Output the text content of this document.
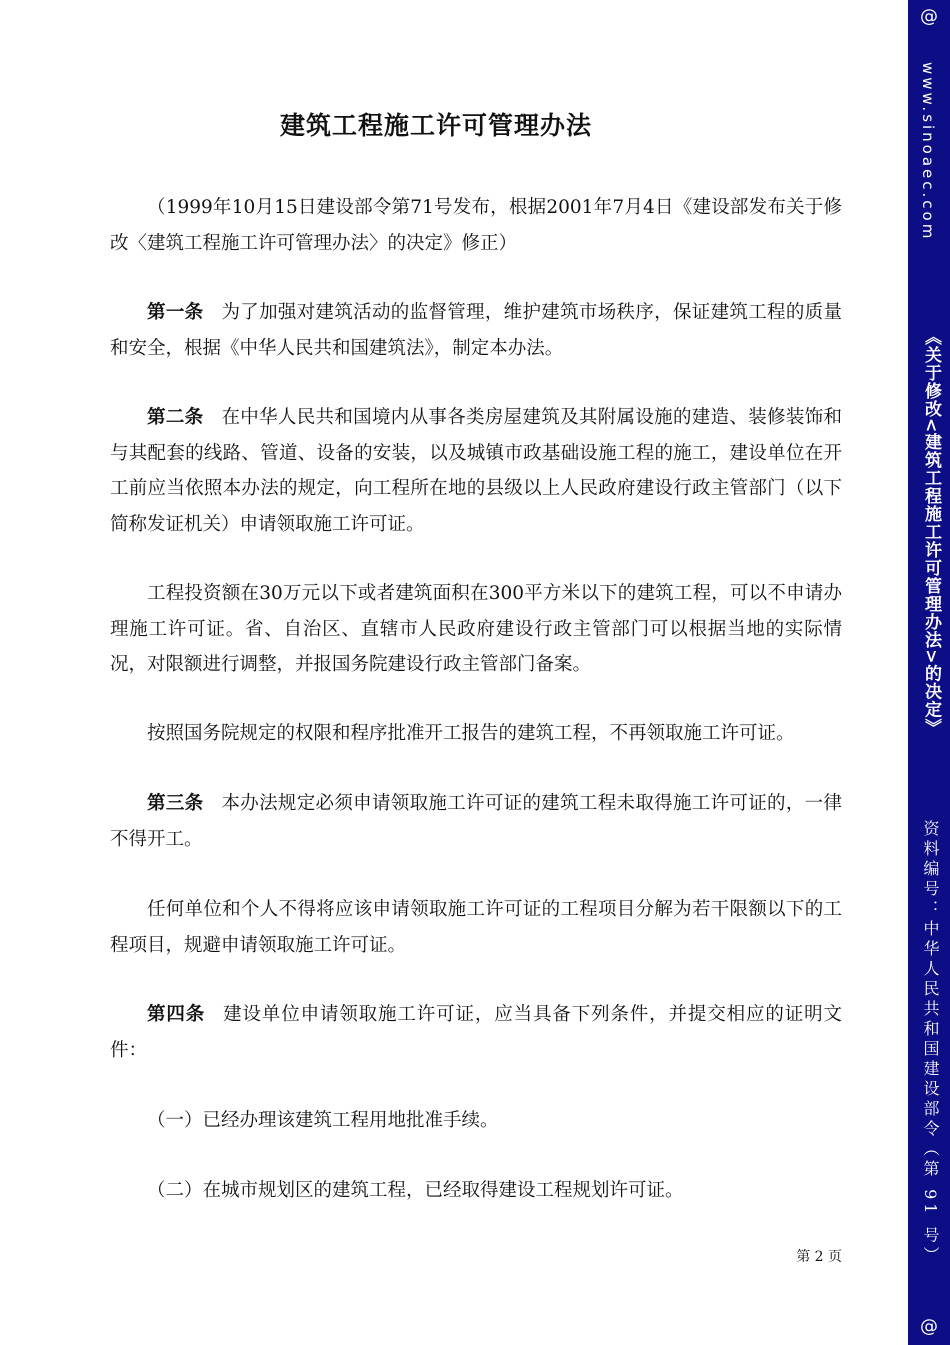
建筑工程施工许可管理办法

（1999年10月15日建设部令第71号发布，根据2001年7月4日《建设部发布关于修改〈建筑工程施工许可管理办法〉的决定》修正）

第一条 为了加强对建筑活动的监督管理，维护建筑市场秩序，保证建筑工程的质量和安全，根据《中华人民共和国建筑法》，制定本办法。

第二条 在中华人民共和国境内从事各类房屋建筑及其附属设施的建造、装修装饰和与其配套的线路、管道、设备的安装，以及城镇市政基础设施工程的施工，建设单位在开工前应当依照本办法的规定，向工程所在地的县级以上人民政府建设行政主管部门（以下简称发证机关）申请领取施工许可证。

工程投资额在30万元以下或者建筑面积在300平方米以下的建筑工程，可以不申请办理施工许可证。省、自治区、直辖市人民政府建设行政主管部门可以根据当地的实际情况，对限额进行调整，并报国务院建设行政主管部门备案。

按照国务院规定的权限和程序批准开工报告的建筑工程，不再领取施工许可证。

第三条 本办法规定必须申请领取施工许可证的建筑工程未取得施工许可证的，一律不得开工。

任何单位和个人不得将应该申请领取施工许可证的工程项目分解为若干限额以下的工程项目，规避申请领取施工许可证。

第四条 建设单位申请领取施工许可证，应当具备下列条件，并提交相应的证明文件：

（一）已经办理该建筑工程用地批准手续。

（二）在城市规划区的建筑工程，已经取得建设工程规划许可证。

第 2 页
@
www.sinoaec.com
《关于修改<建筑工程施工许可管理办法>的决定》
资料编号：中华人民共和国建设部令（第 91 号）
@
